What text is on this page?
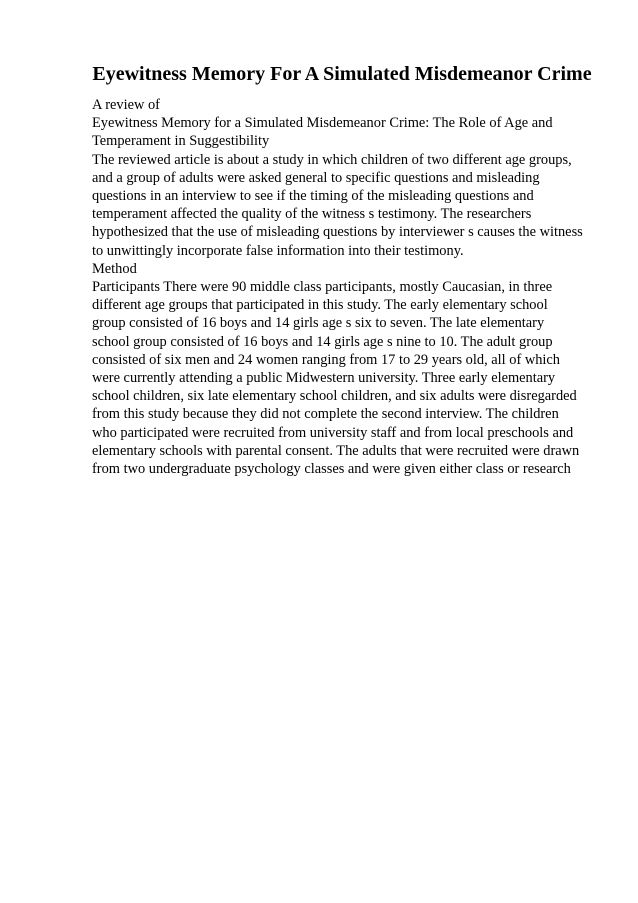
Eyewitness Memory For A Simulated Misdemeanor Crime
A review of
Eyewitness Memory for a Simulated Misdemeanor Crime: The Role of Age and
Temperament in Suggestibility
The reviewed article is about a study in which children of two different age groups,
and a group of adults were asked general to specific questions and misleading
questions in an interview to see if the timing of the misleading questions and
temperament affected the quality of the witness s testimony. The researchers
hypothesized that the use of misleading questions by interviewer s causes the witness
to unwittingly incorporate false information into their testimony.
Method
Participants There were 90 middle class participants, mostly Caucasian, in three
different age groups that participated in this study. The early elementary school
group consisted of 16 boys and 14 girls age s six to seven. The late elementary
school group consisted of 16 boys and 14 girls age s nine to 10. The adult group
consisted of six men and 24 women ranging from 17 to 29 years old, all of which
were currently attending a public Midwestern university. Three early elementary
school children, six late elementary school children, and six adults were disregarded
from this study because they did not complete the second interview. The children
who participated were recruited from university staff and from local preschools and
elementary schools with parental consent. The adults that were recruited were drawn
from two undergraduate psychology classes and were given either class or research
